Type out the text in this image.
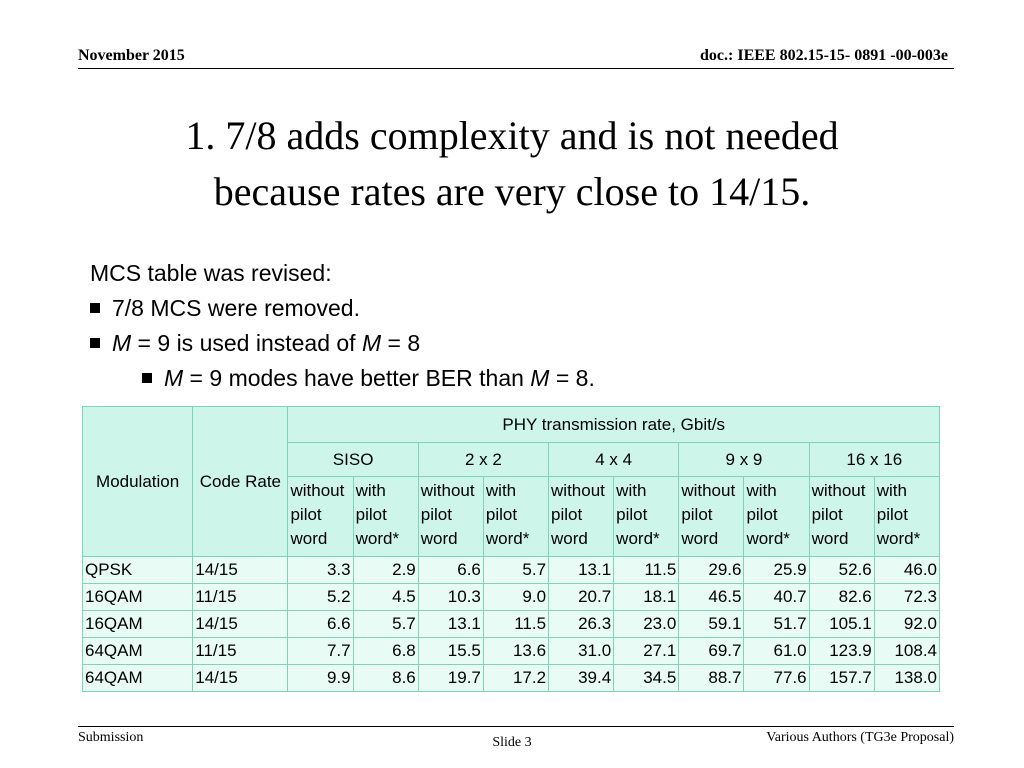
November 2015	doc.: IEEE 802.15-15- 0891 -00-003e
1. 7/8 adds complexity and is not needed
because rates are very close to 14/15.
MCS table was revised:
7/8 MCS were removed.
M = 9 is used instead of M = 8
M = 9 modes have better BER than M = 8.
Modulation	Code Rate	PHY transmission rate, Gbit/s									
		SISO		2 x 2		4 x 4		9 x 9		16 x 16	
		without pilot word	with pilot word*	without pilot word	with pilot word*	without pilot word	with pilot word*	without pilot word	with pilot word*	without pilot word	with pilot word*
QPSK	14/15	3.3	2.9	6.6	5.7	13.1	11.5	29.6	25.9	52.6	46.0
16QAM	11/15	5.2	4.5	10.3	9.0	20.7	18.1	46.5	40.7	82.6	72.3
16QAM	14/15	6.6	5.7	13.1	11.5	26.3	23.0	59.1	51.7	105.1	92.0
64QAM	11/15	7.7	6.8	15.5	13.6	31.0	27.1	69.7	61.0	123.9	108.4
64QAM	14/15	9.9	8.6	19.7	17.2	39.4	34.5	88.7	77.6	157.7	138.0
Submission	Slide 3	Various Authors (TG3e Proposal)
